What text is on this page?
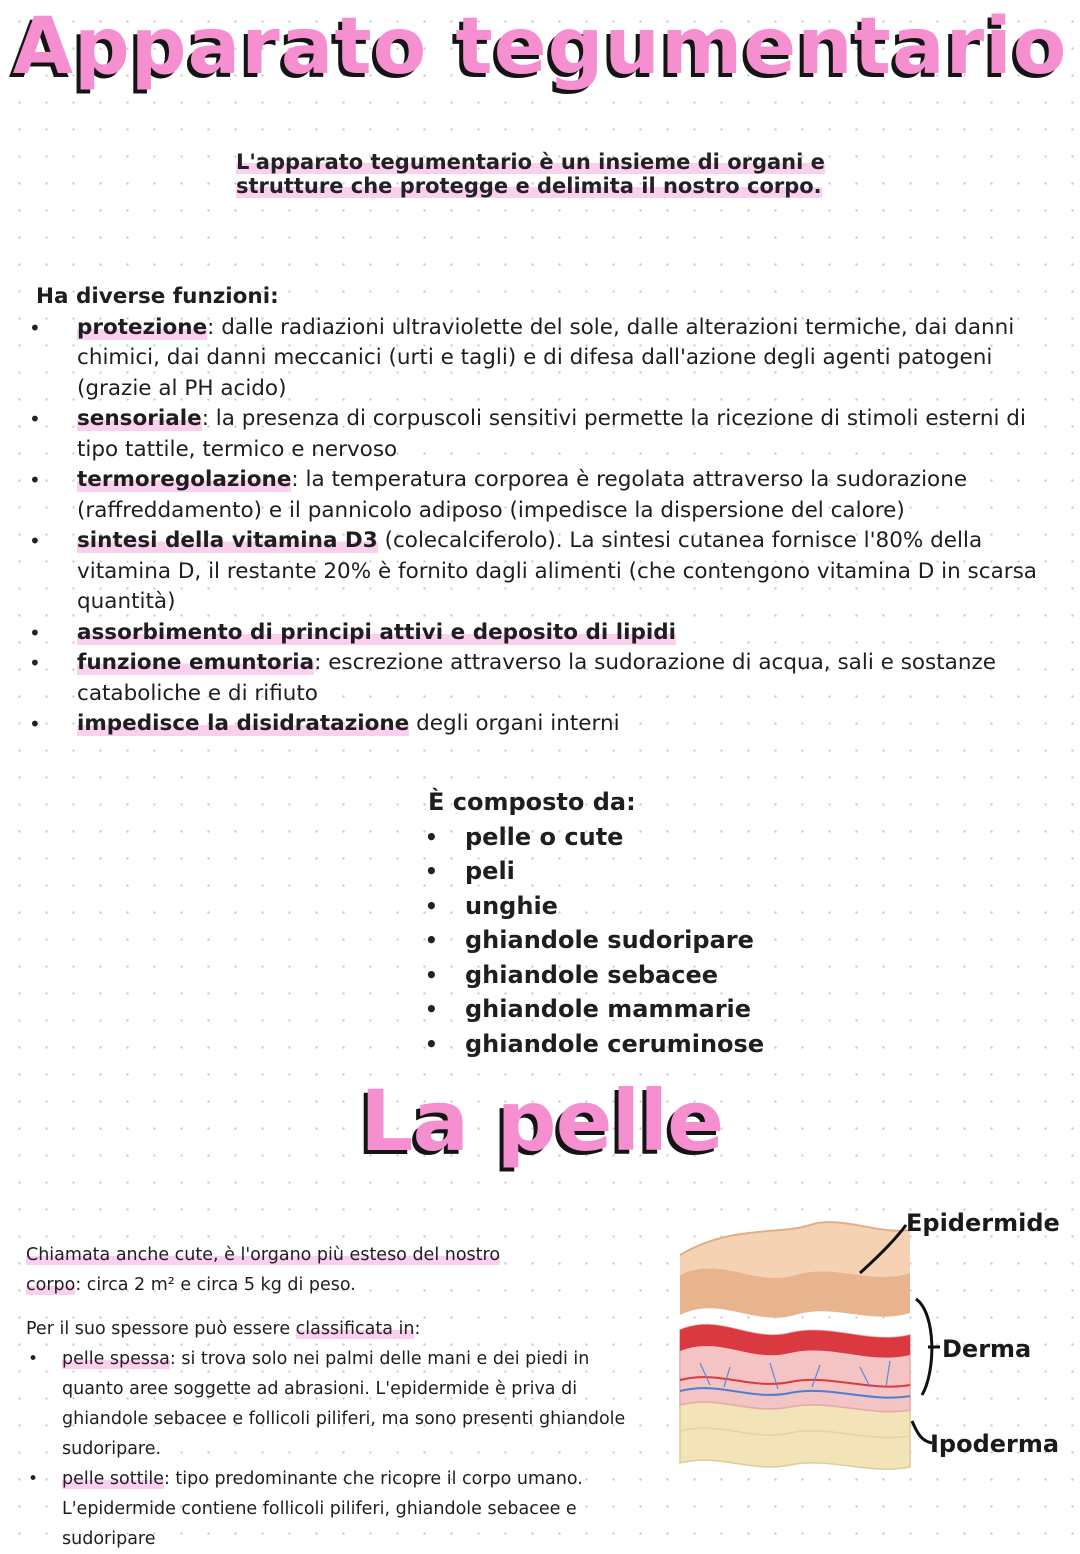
Apparato tegumentario
L'apparato tegumentario è un insieme di organi e
strutture che protegge e delimita il nostro corpo.
Ha diverse funzioni:
• protezione: dalle radiazioni ultraviolette del sole, dalle alterazioni termiche, dai danni chimici, dai danni meccanici (urti e tagli) e di difesa dall'azione degli agenti patogeni (grazie al PH acido)
• sensoriale: la presenza di corpuscoli sensitivi permette la ricezione di stimoli esterni di tipo tattile, termico e nervoso
• termoregolazione: la temperatura corporea è regolata attraverso la sudorazione (raffreddamento) e il pannicolo adiposo (impedisce la dispersione del calore)
• sintesi della vitamina D3 (colecalciferolo). La sintesi cutanea fornisce l'80% della vitamina D, il restante 20% è fornito dagli alimenti (che contengono vitamina D in scarsa quantità)
• assorbimento di principi attivi e deposito di lipidi
• funzione emuntoria: escrezione attraverso la sudorazione di acqua, sali e sostanze cataboliche e di rifiuto
• impedisce la disidratazione degli organi interni
È composto da:
• pelle o cute
• peli
• unghie
• ghiandole sudoripare
• ghiandole sebacee
• ghiandole mammarie
• ghiandole ceruminose
La pelle

Chiamata anche cute, è l'organo più esteso del nostro
corpo: circa 2 m² e circa 5 kg di peso.

Per il suo spessore può essere classificata in:

• pelle spessa: si trova solo nei palmi delle mani e dei piedi in quanto aree soggette ad abrasioni. L'epidermide è priva di ghiandole sebacee e follicoli piliferi, ma sono presenti ghiandole sudoripare.
• pelle sottile: tipo predominante che ricopre il corpo umano. L'epidermide contiene follicoli piliferi, ghiandole sebacee e sudoripare
Epidermide
Derma
Ipoderma
